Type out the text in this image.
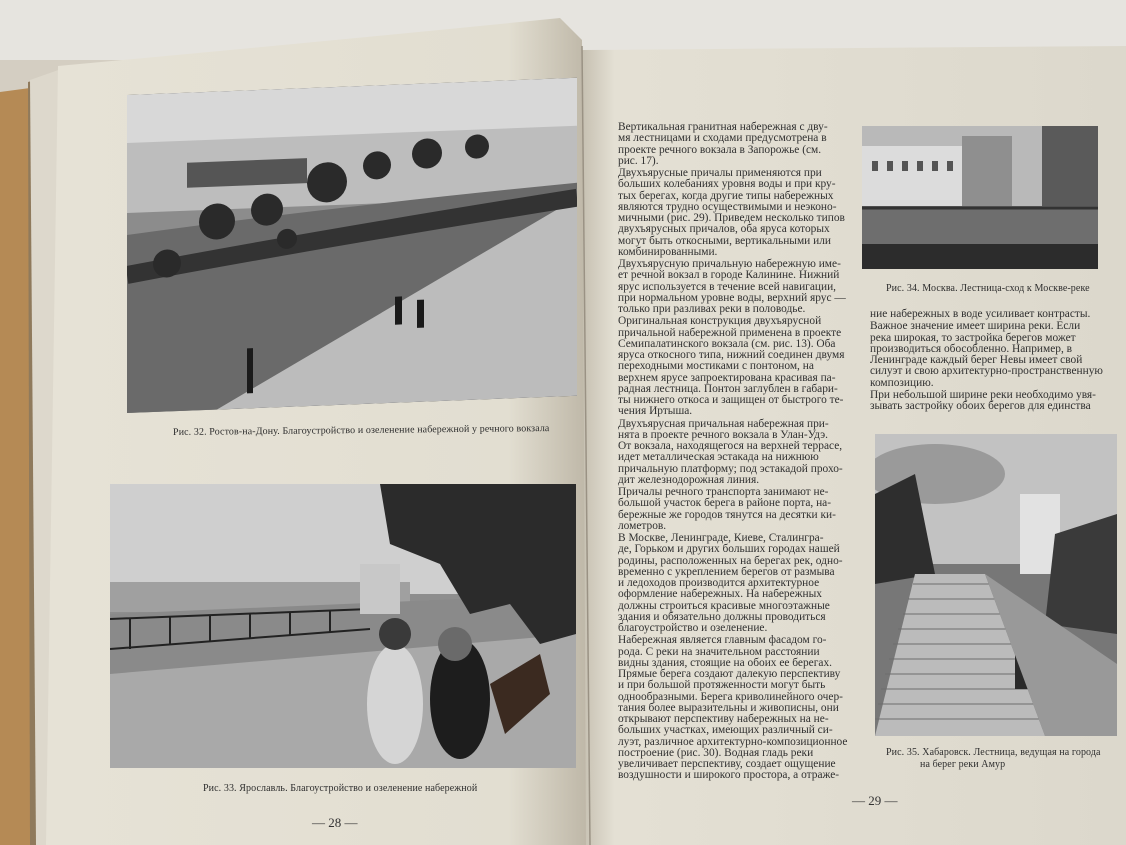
Рис. 32. Ростов-на-Дону. Благоустройство и озеленение набережной у речного вокзала
Рис. 33. Ярославль. Благоустройство и озеленение набережной
— 28 —

Вертикальная гранитная набережная с дву-
мя лестницами и сходами предусмотрена в
проекте речного вокзала в Запорожье (см.
рис. 17).

Двухъярусные причалы применяются при
больших колебаниях уровня воды и при кру-
тых берегах, когда другие типы набережных
являются трудно осуществимыми и неэконо-
мичными (рис. 29). Приведем несколько типов
двухъярусных причалов, оба яруса которых
могут быть откосными, вертикальными или
комбинированными.

Двухъярусную причальную набережную име-
ет речной вокзал в городе Калинине. Нижний
ярус используется в течение всей навигации,
при нормальном уровне воды, верхний ярус —
только при разливах реки в половодье.

Оригинальная конструкция двухъярусной
причальной набережной применена в проекте
Семипалатинского вокзала (см. рис. 13). Оба
яруса откосного типа, нижний соединен двумя
переходными мостиками с понтоном, на
верхнем ярусе запроектирована красивая па-
радная лестница. Понтон заглублен в габари-
ты нижнего откоса и защищен от быстрого те-
чения Иртыша.

Двухъярусная причальная набережная при-
нята в проекте речного вокзала в Улан-Удэ.
От вокзала, находящегося на верхней террасе,
идет металлическая эстакада на нижнюю
причальную платформу; под эстакадой прохо-
дит железнодорожная линия.

Причалы речного транспорта занимают не-
большой участок берега в районе порта, на-
бережные же городов тянутся на десятки ки-
лометров.

В Москве, Ленинграде, Киеве, Сталингра-
де, Горьком и других больших городах нашей
родины, расположенных на берегах рек, одно-
временно с укреплением берегов от размыва
и ледоходов производится архитектурное
оформление набережных. На набережных
должны строиться красивые многоэтажные
здания и обязательно должны проводиться
благоустройство и озеленение.

Набережная является главным фасадом го-
рода. С реки на значительном расстоянии
видны здания, стоящие на обоих ее берегах.
Прямые берега создают далекую перспективу
и при большой протяженности могут быть
однообразными. Берега криволинейного очер-
тания более выразительны и живописны, они
открывают перспективу набережных на не-
больших участках, имеющих различный си-
луэт, различное архитектурно-композиционное
построение (рис. 30). Водная гладь реки
увеличивает перспективу, создает ощущение
воздушности и широкого простора, а отраже-

Рис. 34. Москва. Лестница-сход к Москве-реке

ние набережных в воде усиливает контрасты.

Важное значение имеет ширина реки. Если
река широкая, то застройка берегов может
производиться обособленно. Например, в
Ленинграде каждый берег Невы имеет свой
силуэт и свою архитектурно-пространственную
композицию.

При небольшой ширине реки необходимо увя-
зывать застройку обоих берегов для единства

Рис. 35. Хабаровск. Лестница, ведущая на города
на берег реки Амур
— 29 —
